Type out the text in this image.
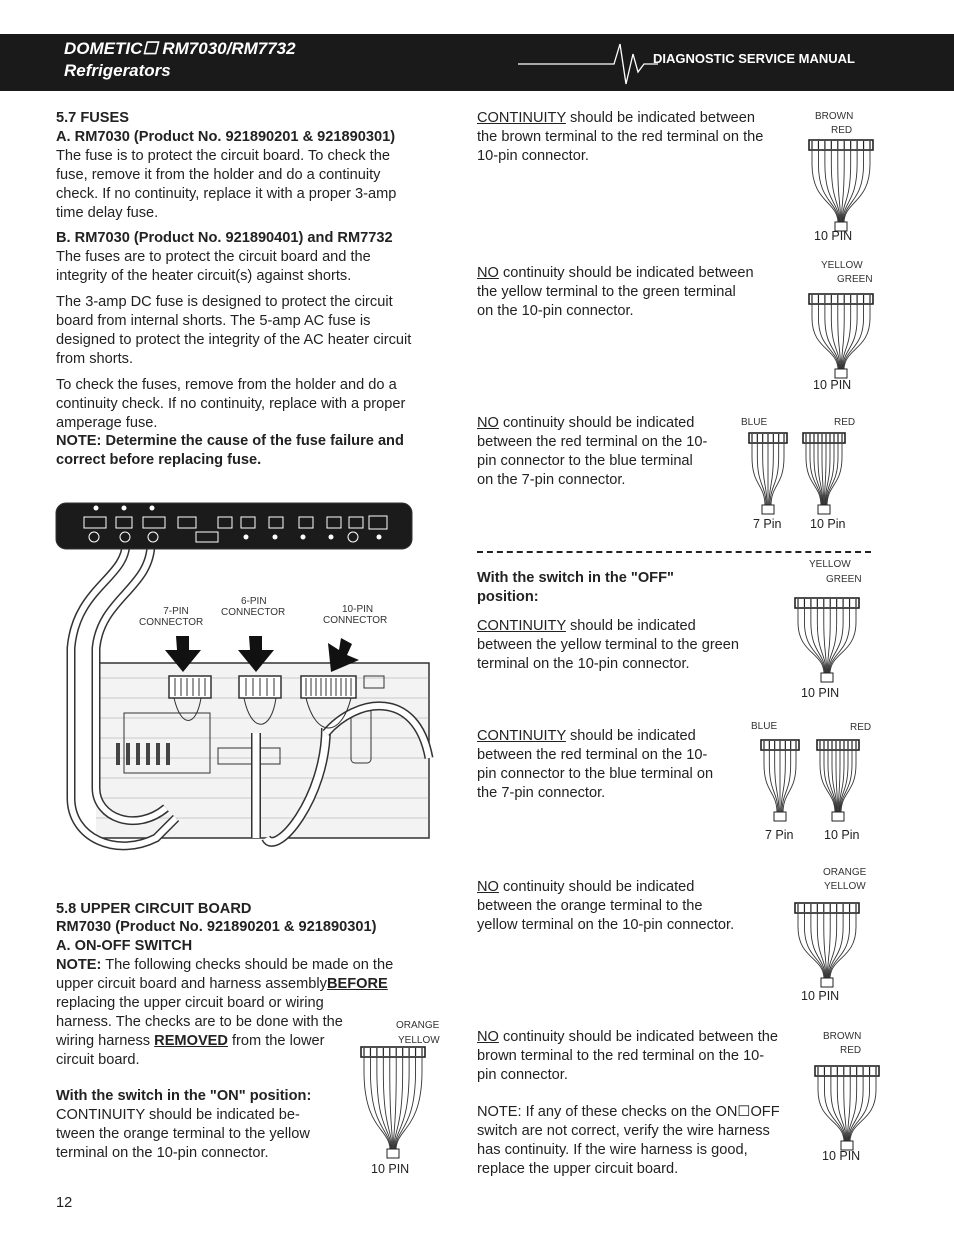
DOMETIC☐ RM7030/RM7732
Refrigerators
DIAGNOSTIC SERVICE MANUAL
5.7 FUSES
A. RM7030 (Product No. 921890201 & 921890301)
The fuse is to protect the circuit board. To check the
fuse, remove it from the holder and do a continuity
check. If no continuity, replace it with a proper 3-amp
time delay fuse.
B. RM7030 (Product No. 921890401) and RM7732
The fuses are to protect the circuit board and the
integrity of the heater circuit(s) against shorts.
The 3-amp DC fuse is designed to protect the circuit
board from internal shorts. The 5-amp AC fuse is
designed to protect the integrity of the AC heater circuit
from shorts.
To check the fuses, remove from the holder and do a
continuity check. If no continuity, replace with a proper
amperage fuse.
NOTE: Determine the cause of the fuse failure and
correct before replacing fuse.
7-PIN
CONNECTOR
6-PIN
CONNECTOR	10-PIN
CONNECTOR
5.8 UPPER CIRCUIT BOARD
RM7030 (Product No. 921890201 & 921890301)
A. ON-OFF SWITCH
NOTE: The following checks should be made on the
upper circuit board and harness assemblyBEFORE
replacing the upper circuit board or wiring
harness. The checks are to be done with the
wiring harness REMOVED from the lower
circuit board.
With the switch in the "ON" position:
CONTINUITY should be indicated be-
tween the orange terminal to the yellow
terminal on the 10-pin connector.
ORANGE
YELLOW
10 PIN
12
CONTINUITY should be indicated between
the brown terminal to the red terminal on the
10-pin connector.
BROWN
RED
10 PIN
NO continuity should be indicated between
the yellow terminal to the green terminal
on the 10-pin connector.
YELLOW
GREEN
10 PIN
NO continuity should be indicated
between the red terminal on the 10-
pin connector to the blue terminal
on the 7-pin connector.
BLUE	RED
7 Pin 10 Pin
With the switch in the "OFF"
position:
CONTINUITY should be indicated
between the yellow terminal to the green
terminal on the 10-pin connector.
YELLOW
GREEN
10 PIN
CONTINUITY should be indicated
between the red terminal on the 10-
pin connector to the blue terminal on
the 7-pin connector.
BLUE	RED
7 Pin 10 Pin
NO continuity should be indicated
between the orange terminal to the
yellow terminal on the 10-pin connector.
ORANGE
YELLOW
10 PIN
NO continuity should be indicated between the
brown terminal to the red terminal on the 10-
pin connector.
BROWN
RED
10 PIN
NOTE: If any of these checks on the ON☐OFF
switch are not correct, verify the wire harness
has continuity. If the wire harness is good,
replace the upper circuit board.
